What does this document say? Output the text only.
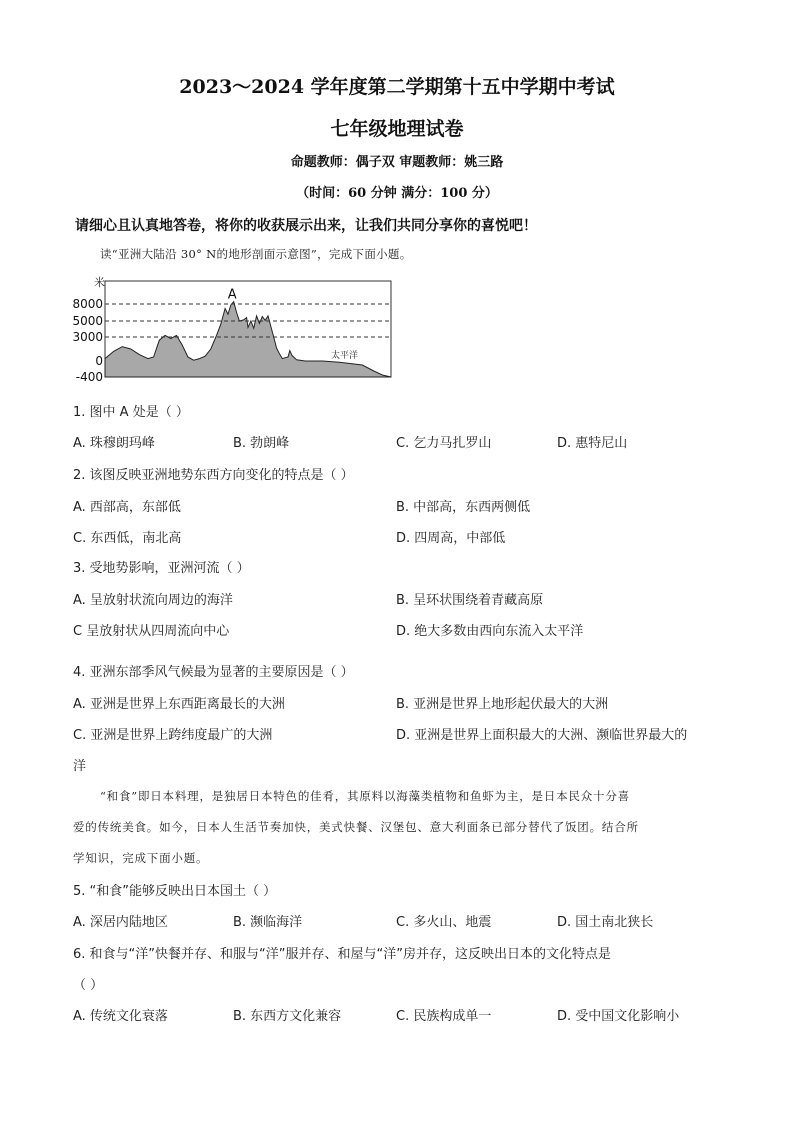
2023～2024 学年度第二学期第十五中学期中考试
七年级地理试卷
命题教师：偶子双 审题教师：姚三路
（时间：60 分钟 满分：100 分）
请细心且认真地答卷，将你的收获展示出来，让我们共同分享你的喜悦吧！
读“亚洲大陆沿 30° N的地形剖面示意图”，完成下面小题。
8000
5000
3000
0
-400
米
A
太平洋
1. 图中 A 处是（ ）
A. 珠穆朗玛峰	B. 勃朗峰	C. 乞力马扎罗山	D. 惠特尼山
2. 该图反映亚洲地势东西方向变化的特点是（ ）
A. 西部高，东部低	B. 中部高，东西两侧低
C. 东西低，南北高	D. 四周高，中部低
3. 受地势影响，亚洲河流（ ）
A. 呈放射状流向周边的海洋	B. 呈环状围绕着青藏高原
C 呈放射状从四周流向中心	D. 绝大多数由西向东流入太平洋
4. 亚洲东部季风气候最为显著的主要原因是（ ）
A. 亚洲是世界上东西距离最长的大洲	B. 亚洲是世界上地形起伏最大的大洲
C. 亚洲是世界上跨纬度最广的大洲	D. 亚洲是世界上面积最大的大洲、濒临世界最大的
洋
“和食”即日本料理，是独居日本特色的佳肴，其原料以海藻类植物和鱼虾为主，是日本民众十分喜
爱的传统美食。如今，日本人生活节奏加快，美式快餐、汉堡包、意大利面条已部分替代了饭团。结合所
学知识，完成下面小题。
5. “和食”能够反映出日本国土（ ）
A. 深居内陆地区	B. 濒临海洋	C. 多火山、地震	D. 国土南北狭长
6. 和食与“洋”快餐并存、和服与“洋”服并存、和屋与“洋”房并存，这反映出日本的文化特点是
（ ）
A. 传统文化衰落	B. 东西方文化兼容	C. 民族构成单一	D. 受中国文化影响小
